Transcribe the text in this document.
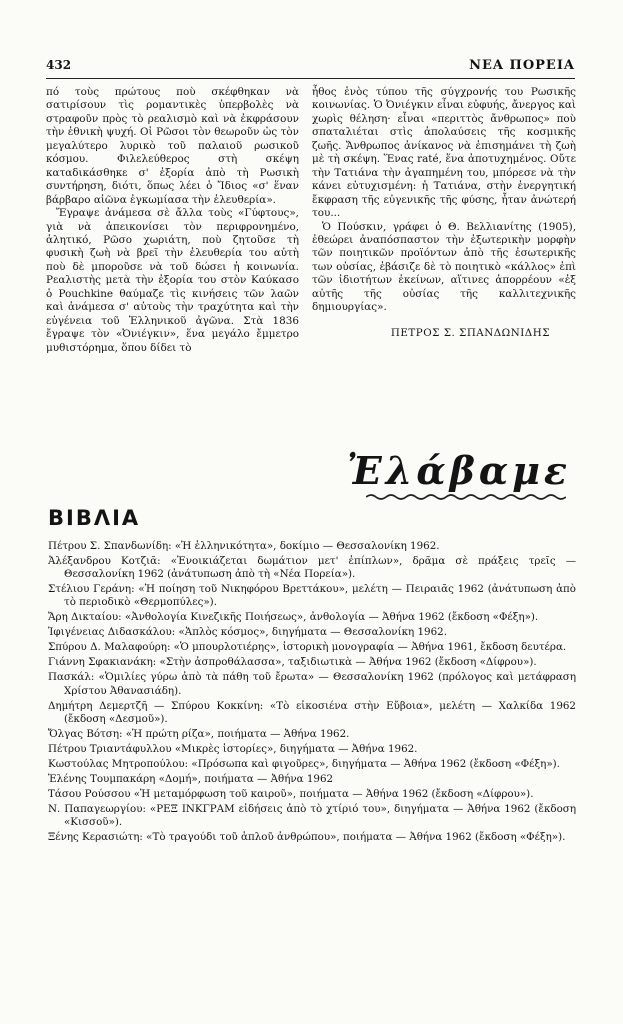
432	ΝΕΑ ΠΟΡΕΙΑ

πό τοὺς πρώτους ποὺ σκέφθηκαν νὰ σατιρίσουν τὶς ρομαντικὲς ὑπερβολὲς νὰ στραφοῦν πρὸς τὸ ρεαλισμὸ καὶ νὰ ἐκφράσουν τὴν ἐθνικὴ ψυχή. Οἱ Ρῶσοι τὸν θεωροῦν ὡς τὸν μεγαλύτερο λυρικὸ τοῦ παλαιοῦ ρωσικοῦ κόσμου. Φιλελεύθερος στὴ σκέψη καταδικάσθηκε σ' ἐξορία ἀπὸ τὴ Ρωσικὴ συντήρηση, διότι, ὅπως λέει ὁ Ἴδιος «σ' ἕναν βάρβαρο αἰῶνα ἐγκωμίασα τὴν ἐλευθερία».

Ἔγραψε ἀνάμεσα σὲ ἄλλα τοὺς «Γύφτους», γιὰ νὰ ἀπεικονίσει τὸν περιφρονημένο, ἀλητικό, Ρῶσο χωριάτη, ποὺ ζητοῦσε τὴ φυσικὴ ζωὴ νὰ βρεῖ τὴν ἐλευθερία του αὐτὴ ποὺ δὲ μποροῦσε νὰ τοῦ δώσει ἡ κοινωνία. Ρεαλιστὴς μετὰ τὴν ἐξορία του στὸν Καύκασο ὁ Pouchkine θαύμαζε τὶς κινήσεις τῶν λαῶν καὶ ἀνάμεσα σ' αὐτοὺς τὴν τραχύτητα καὶ τὴν εὐγένεια τοῦ Ἑλληνικοῦ ἀγῶνα. Στὰ 1836 ἔγραψε τὸν «Ὀνιέγκιν», ἕνα μεγάλο ἔμμετρο μυθιστόρημα, ὅπου δίδει τὸ

ἦθος ἑνὸς τύπου τῆς σύγχρονής του Ρωσικῆς κοινωνίας. Ὁ Ὀνιέγκιν εἶναι εὐφυής, ἄνεργος καὶ χωρὶς θέληση· εἶναι «περιττὸς ἄνθρωπος» ποὺ σπαταλιέται στὶς ἀπολαύσεις τῆς κοσμικῆς ζωῆς. Ἄνθρωπος ἀνίκανος νὰ ἐπισημάνει τὴ ζωὴ μὲ τὴ σκέψη. Ἕνας raté, ἕνα ἀποτυχημένος. Οὔτε τὴν Τατιάνα τὴν ἀγαπημένη του, μπόρεσε νὰ τὴν κάνει εὐτυχισμένη: ἡ Τατιάνα, στὴν ἐνεργητική ἔκφραση τῆς εὐγενικῆς τῆς φύσης, ἦταν ἀνώτερή του...

Ὁ Πούσκιν, γράφει ὁ Θ. Βελλιανίτης (1905), ἐθεώρει ἀναπόσπαστον τὴν ἐξωτερικὴν μορφὴν τῶν ποιητικῶν προϊόντων ἀπὸ τῆς ἐσωτερικῆς των οὐσίας, ἐβάσιζε δὲ τὸ ποιητικὸ «κάλλος» ἐπὶ τῶν ἰδιοτήτων ἐκείνων, αἵτινες ἀπορρέουν «ἐξ αὐτῆς τῆς οὐσίας τῆς καλλιτεχνικῆς δημιουργίας».

ΠΕΤΡΟΣ Σ. ΣΠΑΝΔΩΝΙΔΗΣ

Ἐλάβαμε
ΒΙΒΛΙΑ

Πέτρου Σ. Σπανδωνίδη: «Ἡ ἑλληνικότητα», δοκίμιο — Θεσσαλονίκη 1962.

Ἀλέξανδρου Κοτζιᾶ: «Ἐνοικιάζεται δωμάτιον μετ' ἐπίπλων», δρᾶμα σὲ πράξεις τρεῖς — Θεσσαλονίκη 1962 (ἀνάτυπωση ἀπὸ τὴ «Νέα Πορεία»).

Στέλιου Γεράνη: «Ἡ ποίηση τοῦ Νικηφόρου Βρεττάκου», μελέτη — Πειραιᾶς 1962 (ἀνάτυπωση ἀπὸ τὸ περιοδικὸ «Θερμοπύλες»).

Ἄρη Δικταίου: «Ἀνθολογία Κινεζικῆς Ποιήσεως», ἀνθολογία — Ἀθήνα 1962 (ἔκδοση «Φέξη»).

Ἰφιγένειας Διδασκάλου: «Ἁπλὸς κόσμος», διηγήματα — Θεσσαλονίκη 1962.

Σπύρου Δ. Μαλαφούρη: «Ὁ μπουρλοτιέρης», ἱστορικὴ μονογραφία — Ἀθήνα 1961, ἔκδοση δευτέρα.

Γιάννη Σφακιανάκη: «Στὴν ἀσπροθάλασσα», ταξιδιωτικὰ — Ἀθήνα 1962 (ἔκδοση «Δίφρου»).

Πασκάλ: «Ὁμιλίες γύρω ἀπὸ τὰ πάθη τοῦ ἔρωτα» — Θεσσαλονίκη 1962 (πρόλογος καὶ μετάφραση Χρίστου Ἀθανασιάδη).

Δημήτρη Δεμερτζῆ — Σπύρου Κοκκίνη: «Τὸ εἰκοσιένα στὴν Εὔβοια», μελέτη — Χαλκίδα 1962 (ἔκδοση «Δεσμοῦ»).

Ὄλγας Βότση: «Ἡ πρώτη ρίζα», ποιήματα — Ἀθήνα 1962.

Πέτρου Τριαντάφυλλου «Μικρὲς ἱστορίες», διηγήματα — Ἀθήνα 1962.

Κωστούλας Μητροπούλου: «Πρόσωπα καὶ φιγοῦρες», διηγήματα — Ἀθήνα 1962 (ἔκδοση «Φέξη»).

Ἑλένης Τουμπακάρη «Δομή», ποιήματα — Ἀθήνα 1962

Τάσου Ρούσσου «Ἡ μεταμόρφωση τοῦ καιροῦ», ποιήματα — Ἀθήνα 1962 (ἔκδοση «Δίφρου»).

Ν. Παπαγεωργίου: «ΡΕΞ ΙΝΚΓΡΑΜ εἰδήσεις ἀπὸ τὸ χτίριό του», διηγήματα — Ἀθήνα 1962 (ἔκδοση «Κισσοῦ»).

Ξένης Κερασιώτη: «Τὸ τραγούδι τοῦ ἁπλοῦ ἀνθρώπου», ποιήματα — Ἀθήνα 1962 (ἔκδοση «Φέξη»).
